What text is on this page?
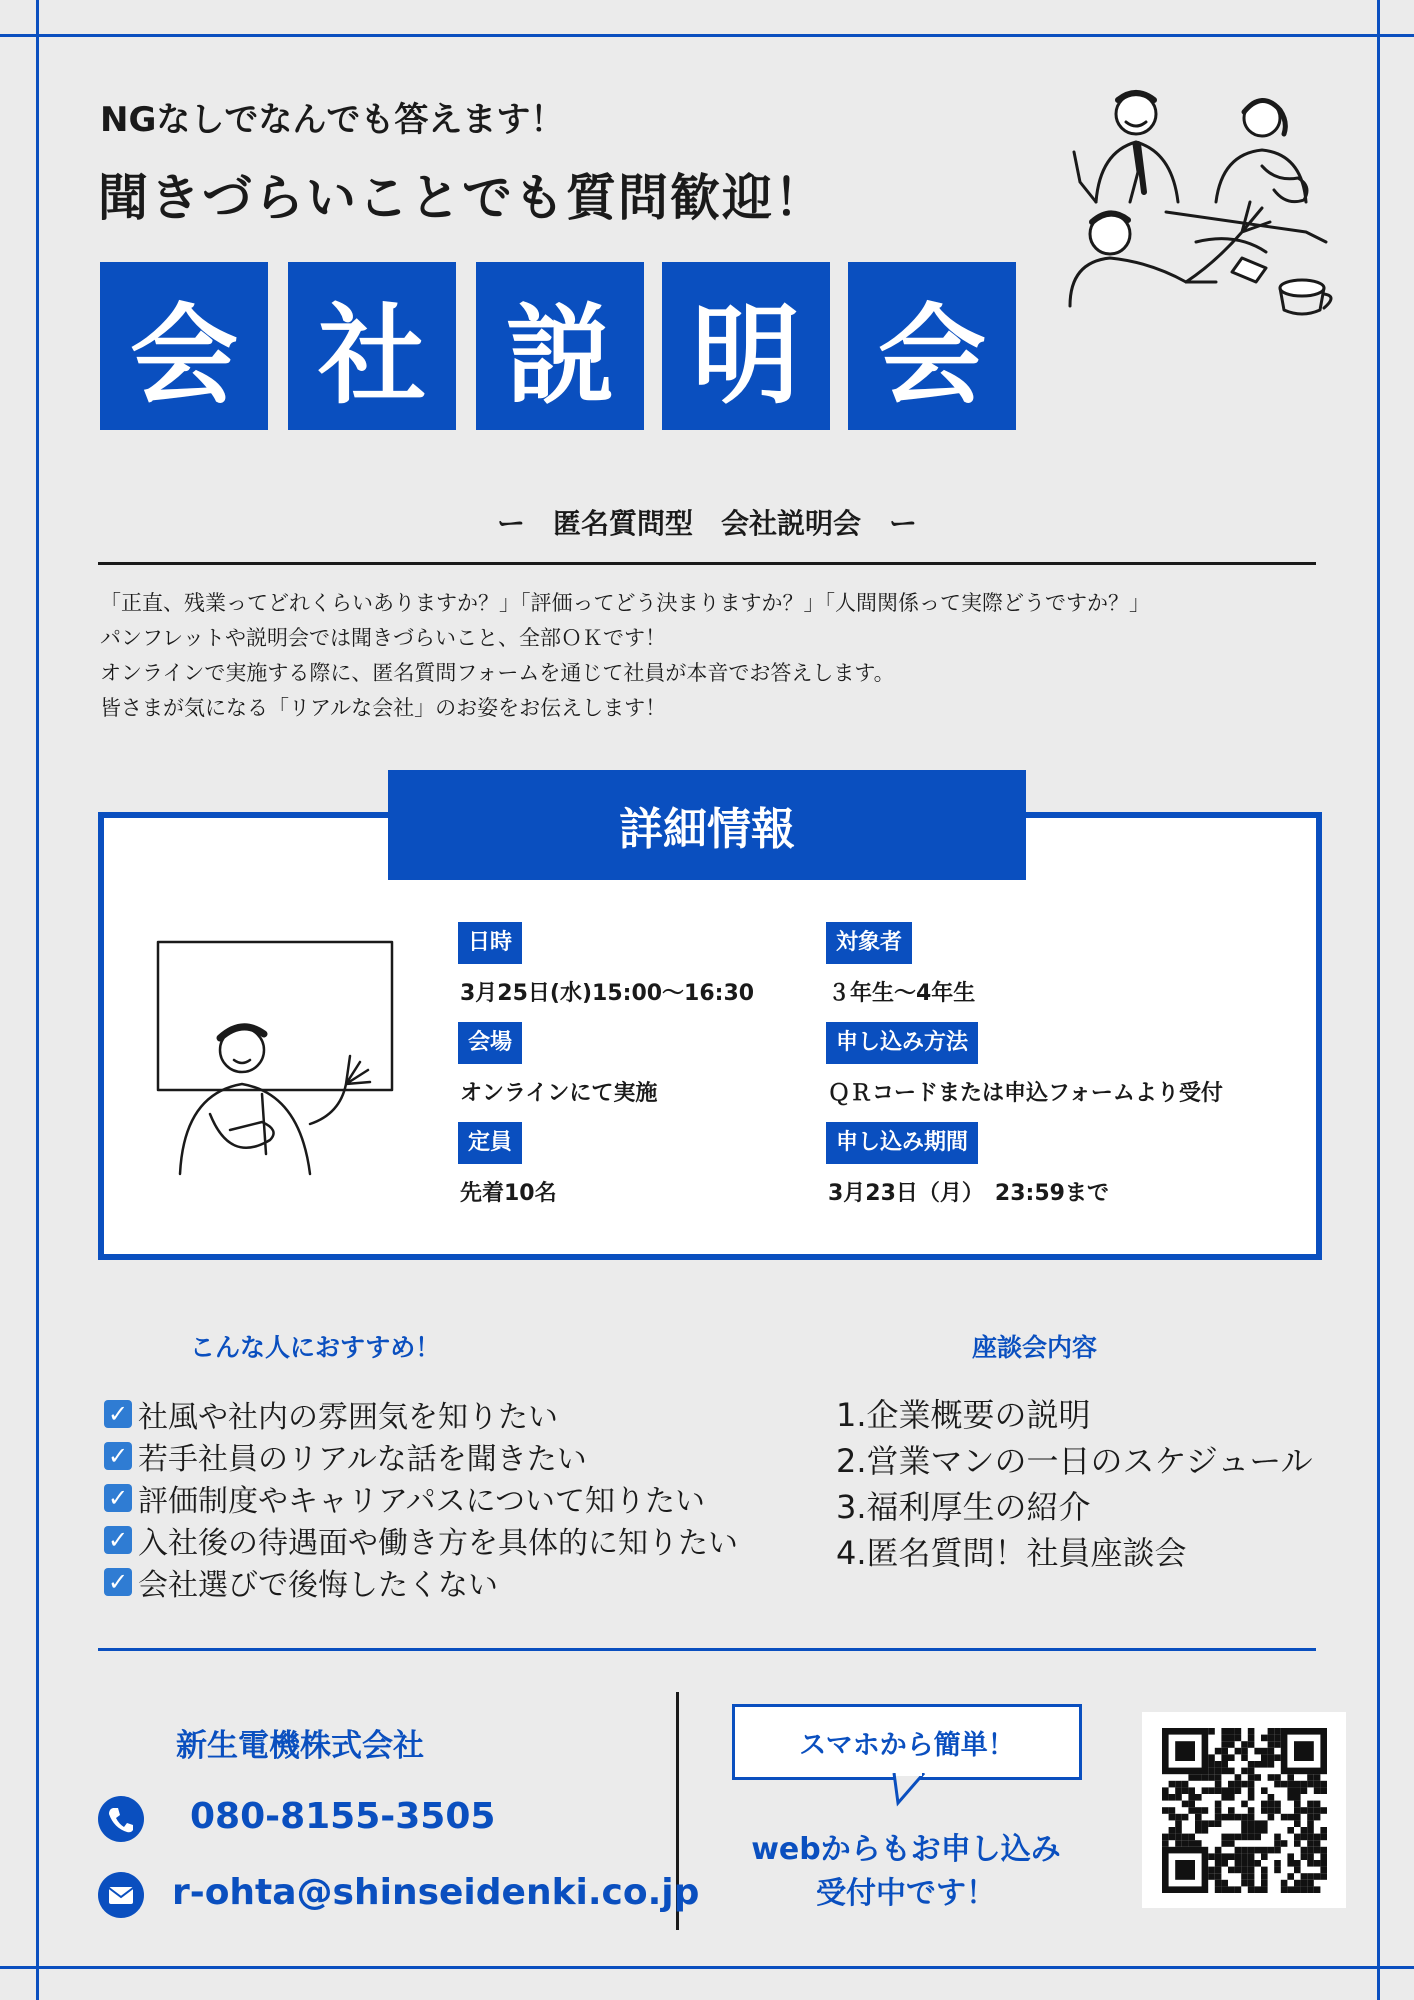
NGなしでなんでも答えます！
聞きづらいことでも質問歓迎！
会 社 説 明 会
ー　匿名質問型　会社説明会　ー
「正直、残業ってどれくらいありますか？」「評価ってどう決まりますか？」「人間関係って実際どうですか？」
パンフレットや説明会では聞きづらいこと、全部ＯＫです！
オンラインで実施する際に、匿名質問フォームを通じて社員が本音でお答えします。
皆さまが気になる「リアルな会社」のお姿をお伝えします！
詳細情報
日時
3月25日(水)15:00〜16:30
会場
オンラインにて実施
定員
先着10名
対象者
３年生〜4年生
申し込み方法
ＱＲコードまたは申込フォームより受付
申し込み期間
3月23日（月）　23:59まで
こんな人におすすめ！
✓ 社風や社内の雰囲気を知りたい
✓ 若手社員のリアルな話を聞きたい
✓ 評価制度やキャリアパスについて知りたい
✓ 入社後の待遇面や働き方を具体的に知りたい
✓ 会社選びで後悔したくない
座談会内容
1.企業概要の説明
2.営業マンの一日のスケジュール
3.福利厚生の紹介
4.匿名質問！社員座談会
新生電機株式会社
080-8155-3505
r-ohta@shinseidenki.co.jp
スマホから簡単！
webからもお申し込み
受付中です！
